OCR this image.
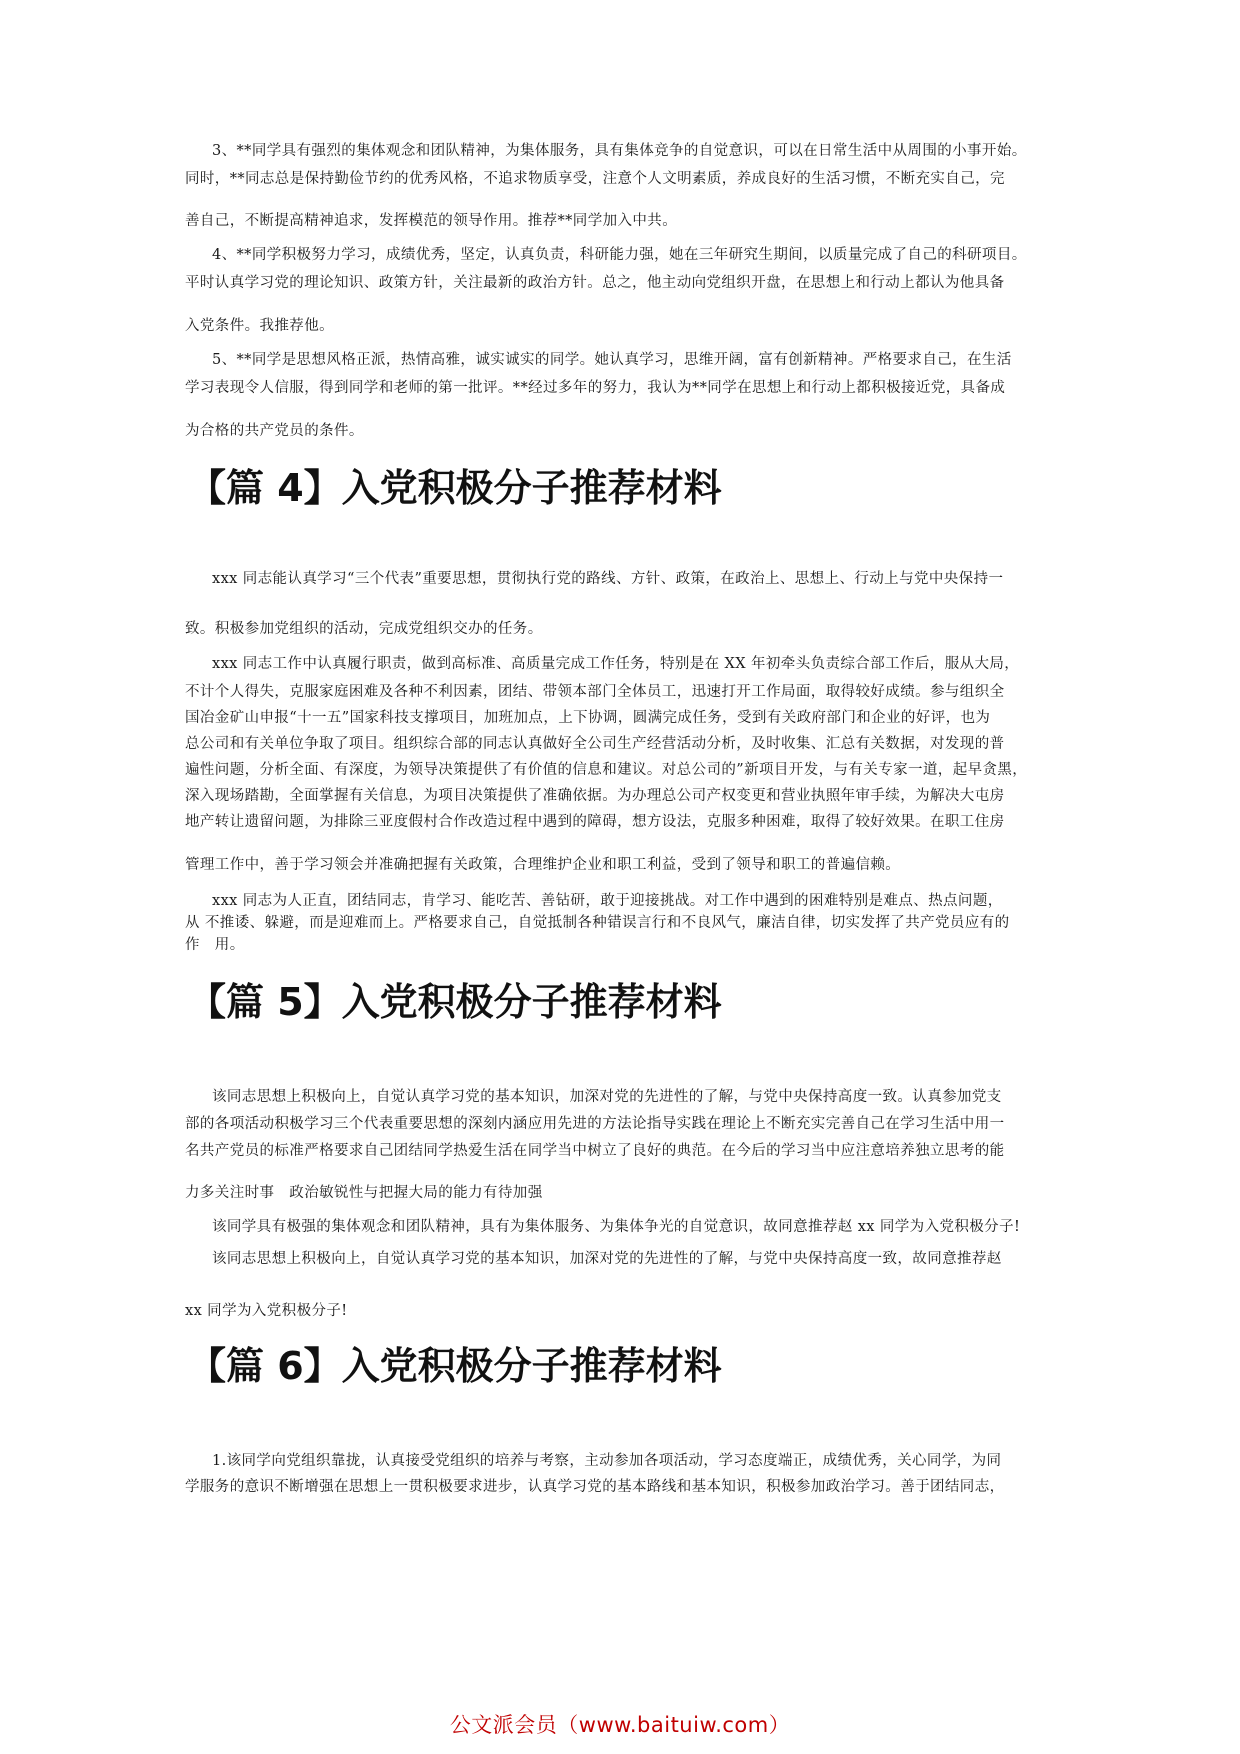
3、**同学具有强烈的集体观念和团队精神，为集体服务，具有集体竞争的自觉意识，可以在日常生活中从周围的小事开始。
同时，**同志总是保持勤俭节约的优秀风格，不追求物质享受，注意个人文明素质，养成良好的生活习惯，不断充实自己，完
善自己，不断提高精神追求，发挥模范的领导作用。推荐**同学加入中共。
4、**同学积极努力学习，成绩优秀，坚定，认真负责，科研能力强，她在三年研究生期间，以质量完成了自己的科研项目。
平时认真学习党的理论知识、政策方针，关注最新的政治方针。总之，他主动向党组织开盘，在思想上和行动上都认为他具备
入党条件。我推荐他。
5、**同学是思想风格正派，热情高雅，诚实诚实的同学。她认真学习，思维开阔，富有创新精神。严格要求自己，在生活
学习表现令人信服，得到同学和老师的第一批评。**经过多年的努力，我认为**同学在思想上和行动上都积极接近党，具备成
为合格的共产党员的条件。
【篇 4】入党积极分子推荐材料
xxx 同志能认真学习“三个代表”重要思想，贯彻执行党的路线、方针、政策，在政治上、思想上、行动上与党中央保持一
致。积极参加党组织的活动，完成党组织交办的任务。
xxx 同志工作中认真履行职责，做到高标准、高质量完成工作任务，特别是在 XX 年初牵头负责综合部工作后，服从大局，
不计个人得失，克服家庭困难及各种不利因素，团结、带领本部门全体员工，迅速打开工作局面，取得较好成绩。参与组织全
国冶金矿山申报“十一五”国家科技支撑项目，加班加点，上下协调，圆满完成任务，受到有关政府部门和企业的好评，也为
总公司和有关单位争取了项目。组织综合部的同志认真做好全公司生产经营活动分析，及时收集、汇总有关数据，对发现的普
遍性问题，分析全面、有深度，为领导决策提供了有价值的信息和建议。对总公司的”新项目开发，与有关专家一道，起早贪黑，
深入现场踏勘，全面掌握有关信息，为项目决策提供了准确依据。为办理总公司产权变更和营业执照年审手续，为解决大屯房
地产转让遗留问题，为排除三亚度假村合作改造过程中遇到的障碍，想方设法，克服多种困难，取得了较好效果。在职工住房
管理工作中，善于学习领会并准确把握有关政策，合理维护企业和职工利益，受到了领导和职工的普遍信赖。
xxx 同志为人正直，团结同志，肯学习、能吃苦、善钻研，敢于迎接挑战。对工作中遇到的困难特别是难点、热点问题，
从 不推诿、躲避，而是迎难而上。严格要求自己，自觉抵制各种错误言行和不良风气，廉洁自律，切实发挥了共产党员应有的
作　用。
【篇 5】入党积极分子推荐材料
该同志思想上积极向上，自觉认真学习党的基本知识，加深对党的先进性的了解，与党中央保持高度一致。认真参加党支
部的各项活动积极学习三个代表重要思想的深刻内涵应用先进的方法论指导实践在理论上不断充实完善自己在学习生活中用一
名共产党员的标准严格要求自己团结同学热爱生活在同学当中树立了良好的典范。在今后的学习当中应注意培养独立思考的能
力多关注时事　政治敏锐性与把握大局的能力有待加强
该同学具有极强的集体观念和团队精神，具有为集体服务、为集体争光的自觉意识，故同意推荐赵 xx 同学为入党积极分子!
该同志思想上积极向上，自觉认真学习党的基本知识，加深对党的先进性的了解，与党中央保持高度一致，故同意推荐赵
xx 同学为入党积极分子!
【篇 6】入党积极分子推荐材料
1.该同学向党组织靠拢，认真接受党组织的培养与考察，主动参加各项活动，学习态度端正，成绩优秀，关心同学，为同
学服务的意识不断增强在思想上一贯积极要求进步，认真学习党的基本路线和基本知识，积极参加政治学习。善于团结同志，
公文派会员（www.baituiw.com）
